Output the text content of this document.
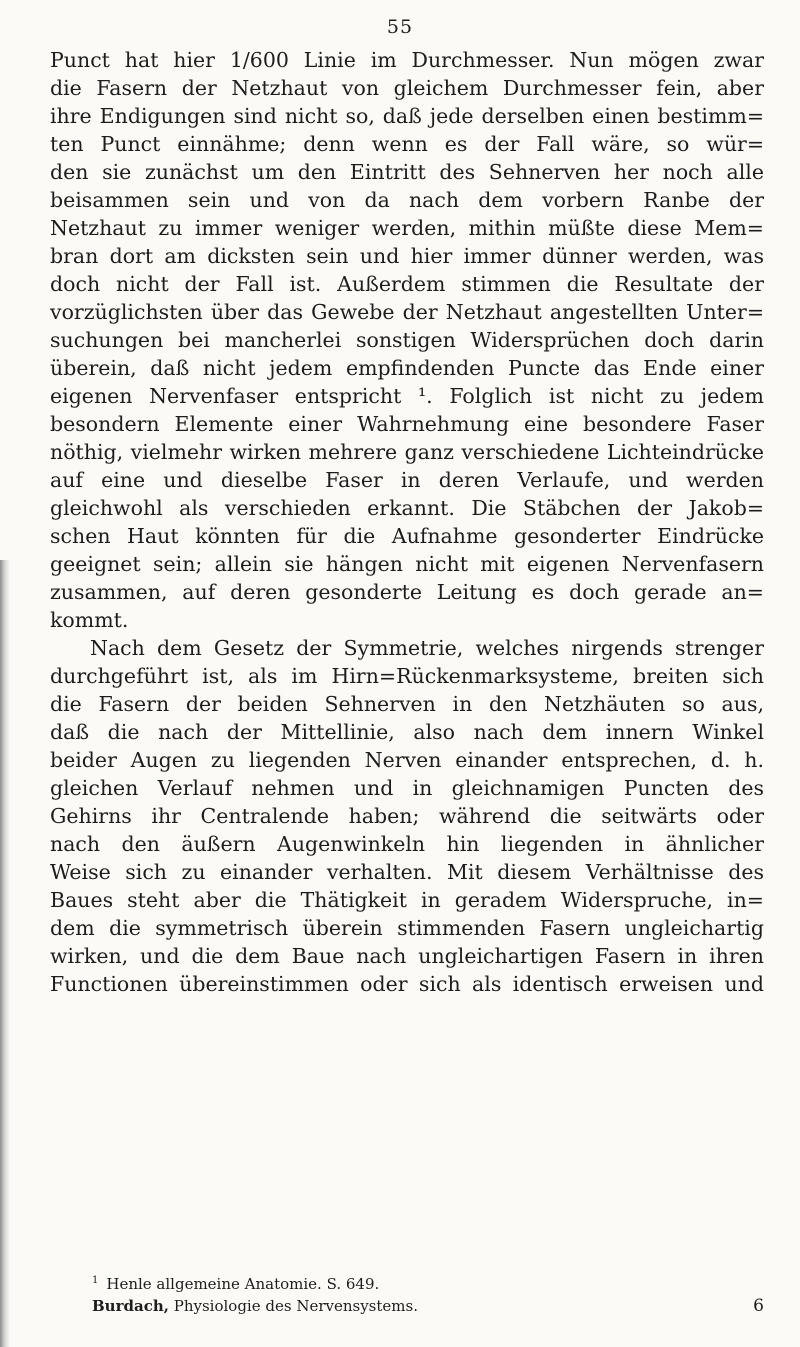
55
Punct hat hier 1/600 Linie im Durchmesser. Nun mögen zwar
die Fasern der Netzhaut von gleichem Durchmesser fein, aber
ihre Endigungen sind nicht so, daß jede derselben einen bestimm=
ten Punct einnähme; denn wenn es der Fall wäre, so wür=
den sie zunächst um den Eintritt des Sehnerven her noch alle
beisammen sein und von da nach dem vorbern Ranbe der
Netzhaut zu immer weniger werden, mithin müßte diese Mem=
bran dort am dicksten sein und hier immer dünner werden, was
doch nicht der Fall ist. Außerdem stimmen die Resultate der
vorzüglichsten über das Gewebe der Netzhaut angestellten Unter=
suchungen bei mancherlei sonstigen Widersprüchen doch darin
überein, daß nicht jedem empfindenden Puncte das Ende einer
eigenen Nervenfaser entspricht ¹. Folglich ist nicht zu jedem
besondern Elemente einer Wahrnehmung eine besondere Faser
nöthig, vielmehr wirken mehrere ganz verschiedene Lichteindrücke
auf eine und dieselbe Faser in deren Verlaufe, und werden
gleichwohl als verschieden erkannt. Die Stäbchen der Jakob=
schen Haut könnten für die Aufnahme gesonderter Eindrücke
geeignet sein; allein sie hängen nicht mit eigenen Nervenfasern
zusammen, auf deren gesonderte Leitung es doch gerade an=
kommt.
Nach dem Gesetz der Symmetrie, welches nirgends strenger
durchgeführt ist, als im Hirn=Rückenmarksysteme, breiten sich
die Fasern der beiden Sehnerven in den Netzhäuten so aus,
daß die nach der Mittellinie, also nach dem innern Winkel
beider Augen zu liegenden Nerven einander entsprechen, d. h.
gleichen Verlauf nehmen und in gleichnamigen Puncten des
Gehirns ihr Centralende haben; während die seitwärts oder
nach den äußern Augenwinkeln hin liegenden in ähnlicher
Weise sich zu einander verhalten. Mit diesem Verhältnisse des
Baues steht aber die Thätigkeit in geradem Widerspruche, in=
dem die symmetrisch überein stimmenden Fasern ungleichartig
wirken, und die dem Baue nach ungleichartigen Fasern in ihren
Functionen übereinstimmen oder sich als identisch erweisen und
$^1$ Henle allgemeine Anatomie. S. 649.
Burdach, Physiologie des Nervensystems.	6
